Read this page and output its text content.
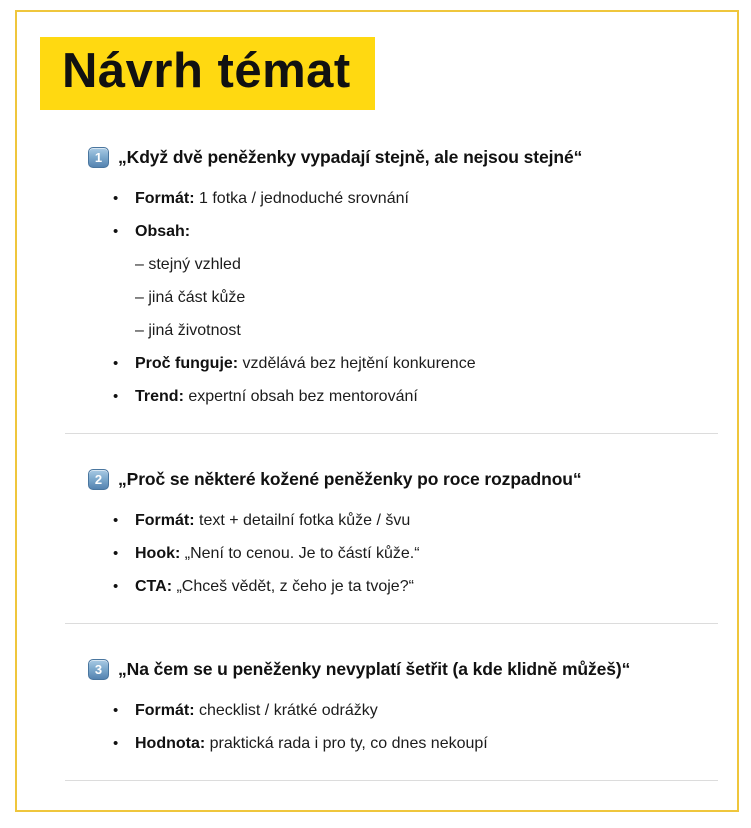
Návrh témat
1 „Když dvě peněženky vypadají stejně, ale nejsou stejné“
•	Formát: 1 fotka / jednoduché srovnání
•	Obsah:
– stejný vzhled
– jiná část kůže
– jiná životnost
•	Proč funguje: vzdělává bez hejtění konkurence
•	Trend: expertní obsah bez mentorování
2 „Proč se některé kožené peněženky po roce rozpadnou“
•	Formát: text + detailní fotka kůže / švu
•	Hook: „Není to cenou. Je to částí kůže.“
•	CTA: „Chceš vědět, z čeho je ta tvoje?“
3 „Na čem se u peněženky nevyplatí šetřit (a kde klidně můžeš)“
•	Formát: checklist / krátké odrážky
•	Hodnota: praktická rada i pro ty, co dnes nekoupí
